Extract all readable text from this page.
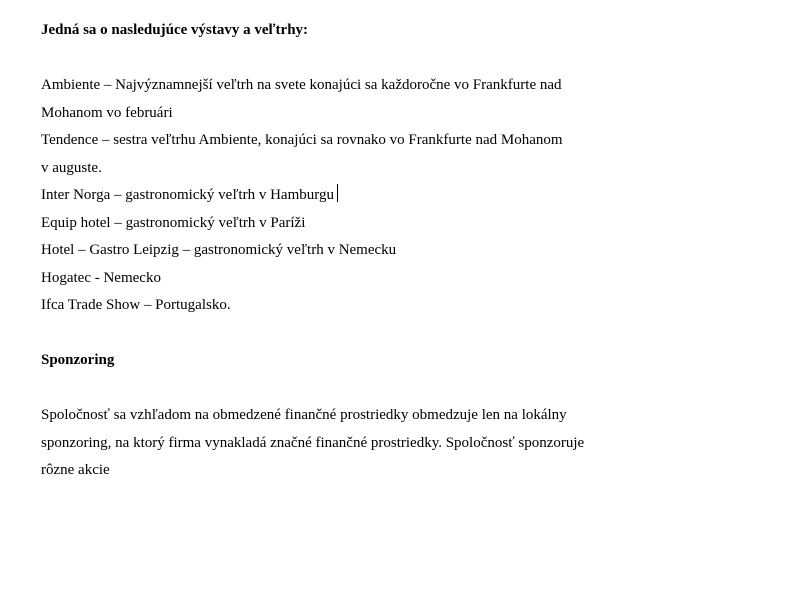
Jedná sa o nasledujúce výstavy a veľtrhy:
Ambiente – Najvýznamnejší veľtrh na svete konajúci sa každoročne vo Frankfurte nad
Mohanom vo februári
Tendence – sestra veľtrhu Ambiente, konajúci sa rovnako vo Frankfurte nad Mohanom
v auguste.
Inter Norga – gastronomický veľtrh v Hamburgu
Equip hotel – gastronomický veľtrh v Paríži
Hotel – Gastro Leipzig – gastronomický veľtrh v Nemecku
Hogatec - Nemecko
Ifca Trade Show – Portugalsko.
Sponzoring
Spoločnosť sa vzhľadom na obmedzené finančné prostriedky obmedzuje len na lokálny
sponzoring, na ktorý firma vynakladá značné finančné prostriedky. Spoločnosť sponzoruje
rôzne akcie
